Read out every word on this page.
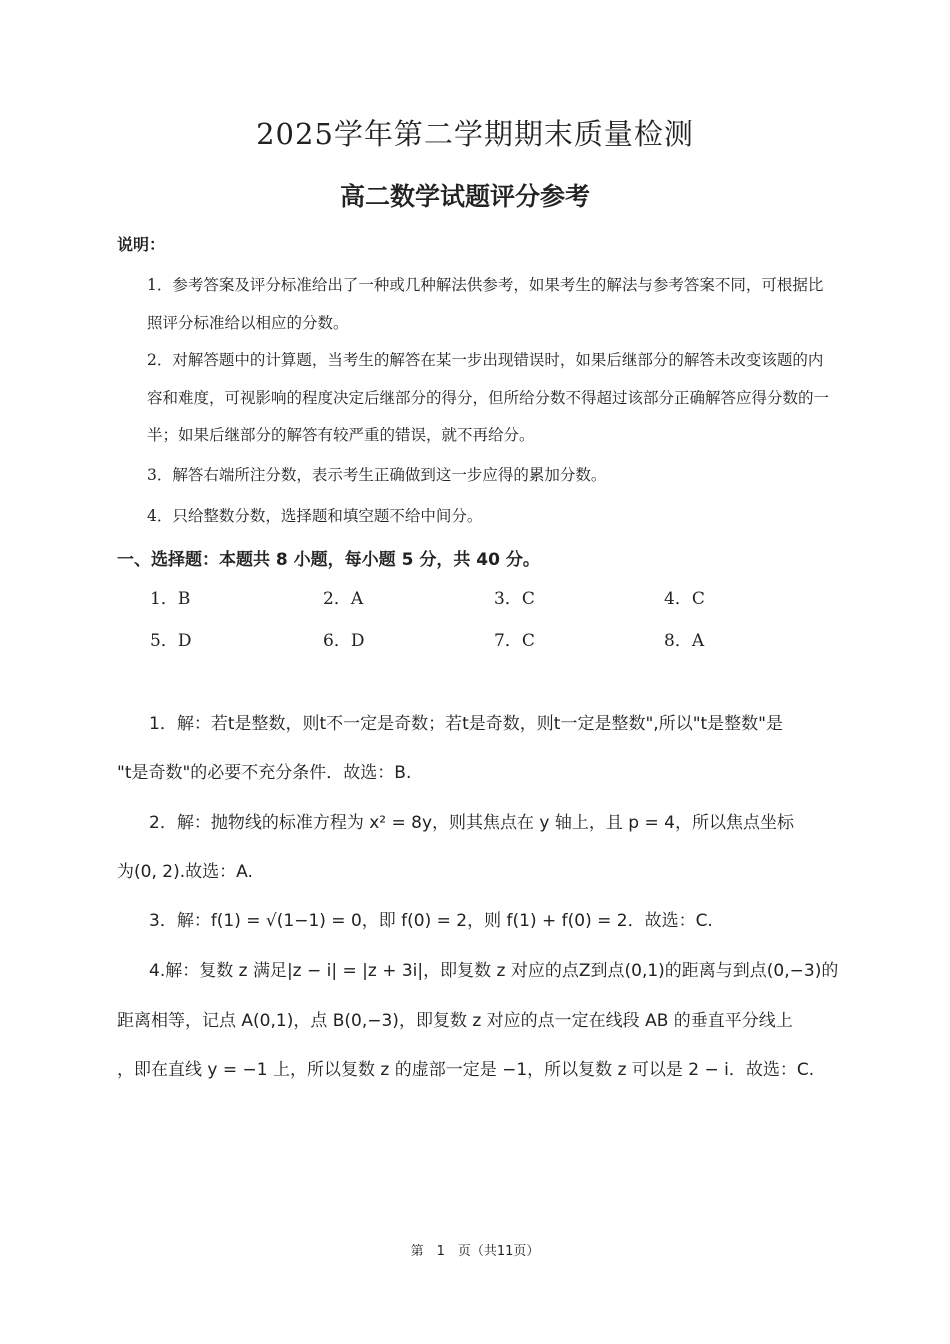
2025学年第二学期期末质量检测
高二数学试题评分参考
说明：
1．参考答案及评分标准给出了一种或几种解法供参考，如果考生的解法与参考答案不同，可根据比照评分标准给以相应的分数。
2．对解答题中的计算题，当考生的解答在某一步出现错误时，如果后继部分的解答未改变该题的内容和难度，可视影响的程度决定后继部分的得分，但所给分数不得超过该部分正确解答应得分数的一半；如果后继部分的解答有较严重的错误，就不再给分。
3．解答右端所注分数，表示考生正确做到这一步应得的累加分数。
4．只给整数分数，选择题和填空题不给中间分。
一、选择题：本题共 8 小题，每小题 5 分，共 40 分。
1．B	2．A	3．C	4．C
5．D	6．D	7．C	8．A
1．解：若t是整数，则t不一定是奇数；若t是奇数，则t一定是整数",所以"t是整数"是
"t是奇数"的必要不充分条件．故选：B.
2．解：抛物线的标准方程为 x² = 8y，则其焦点在 y 轴上，且 p = 4，所以焦点坐标
为(0, 2).故选：A.
3．解：f(1) = √(1−1) = 0，即 f(0) = 2，则 f(1) + f(0) = 2．故选：C.
4.解：复数 z 满足|z − i| = |z + 3i|，即复数 z 对应的点Z到点(0,1)的距离与到点(0,−3)的
距离相等，记点 A(0,1)，点 B(0,−3)，即复数 z 对应的点一定在线段 AB 的垂直平分线上
，即在直线 y = −1 上，所以复数 z 的虚部一定是 −1，所以复数 z 可以是 2 − i．故选：C.
第　1　页（共11页）
